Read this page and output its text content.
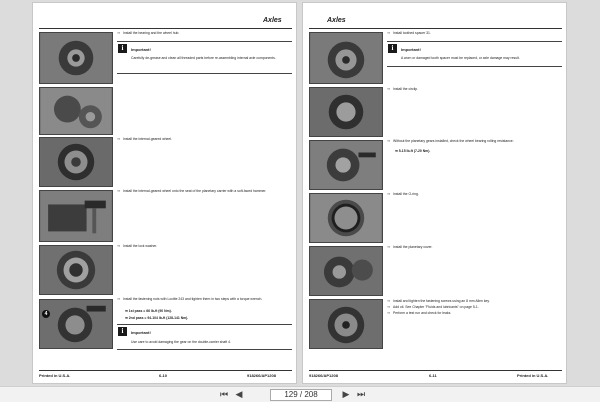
Axles
⇒ Install the bearing and the wheel hub.
i	Important!
Carefully de-grease and clean all threaded parts before re-assembling internal axle components.
⇒ Install the internal-geared wheel.
⇒ Install the internal-geared wheel onto the seat of the planetary carrier with a soft-faced hammer.
⇒ Install the lock washer.
4
⇒ Install the fastening nuts with Loctite 243 and tighten them in two steps with a torque wrench.
➡ 1st pass = 66 lb-ft (90 Nm).
➡ 2nd pass = 94-104 lb-ft (128-141 Nm).
i	Important!
Use care to avoid damaging the gear on the double-carrier shaft 4.
Printed in U.S.A.	6-10	918266/AP1208
Axles
⇒ Install toothed spacer 31.
i	Important!
A worn or damaged tooth spacer must be replaced, or axle damage may result.
⇒ Install the circlip.
⇒ Without the planetary gears installed, check the wheel bearing rolling resistance:
➡ 5-15 lb-ft (7-20 Nm).
⇒ Install the O-ring.
⇒ Install the planetary cover.
⇒ Install and tighten the fastening screws using an 8 mm Allen key.
⇒ Add oil. See Chapter "Fluids and lubricants" on page 5-1.
⇒ Perform a test run and check for leaks.
918266/AP1208	6-11	Printed in U.S.A.
⏮ ◀	129 / 208	▶ ⏭
